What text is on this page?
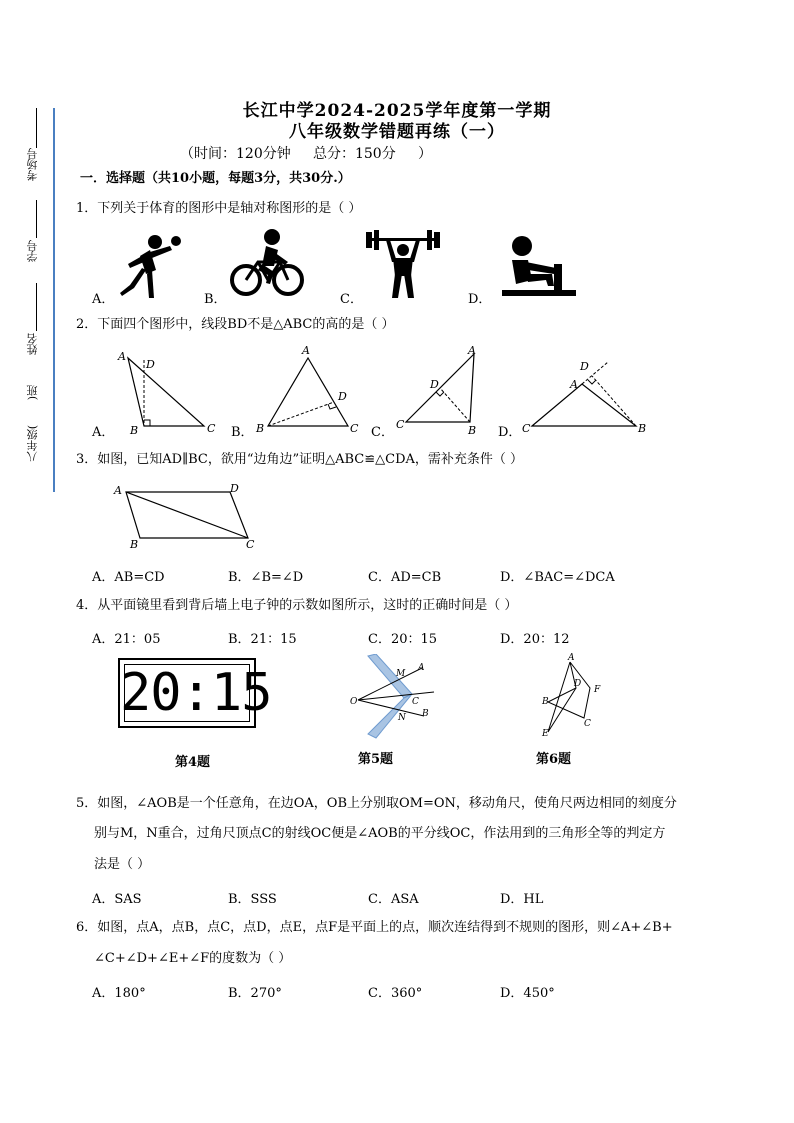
考场号
学号
姓名
)班
八年级(
长江中学2024-2025学年度第一学期
八年级数学错题再练（一）
（时间：120分钟     总分：150分     ）
一．选择题（共10小题，每题3分，共30分.）
1．下列关于体育的图形中是轴对称图形的是（ ）
A．	B．	C．	D．
2．下面四个图形中，线段BD不是△ABC的高的是（ ）
A．	B．	C．	D．
A
D
B	C
A
D
B	C
A
D
C	B
A
D
C	B
3．如图，已知AD∥BC，欲用“边角边”证明△ABC≌△CDA，需补充条件（ ）
A	D
B	C
A．AB=CD	B．∠B=∠D	C．AD=CB	D．∠BAC=∠DCA
4．从平面镜里看到背后墙上电子钟的示数如图所示，这时的正确时间是（ ）
A．21：05	B．21：15	C．20：15	D．20：12
20:15	O
M
A
C
N B
A
D
F
B
C
E
第4题	第5题	第6题
5．如图，∠AOB是一个任意角，在边OA，OB上分别取OM=ON，移动角尺，使角尺两边相同的刻度分
别与M，N重合，过角尺顶点C的射线OC便是∠AOB的平分线OC，作法用到的三角形全等的判定方
法是（ ）
A．SAS	B．SSS	C．ASA	D．HL
6．如图，点A，点B，点C，点D，点E，点F是平面上的点，顺次连结得到不规则的图形，则∠A+∠B+
∠C+∠D+∠E+∠F的度数为（ ）
A．180°	B．270°	C．360°	D．450°
